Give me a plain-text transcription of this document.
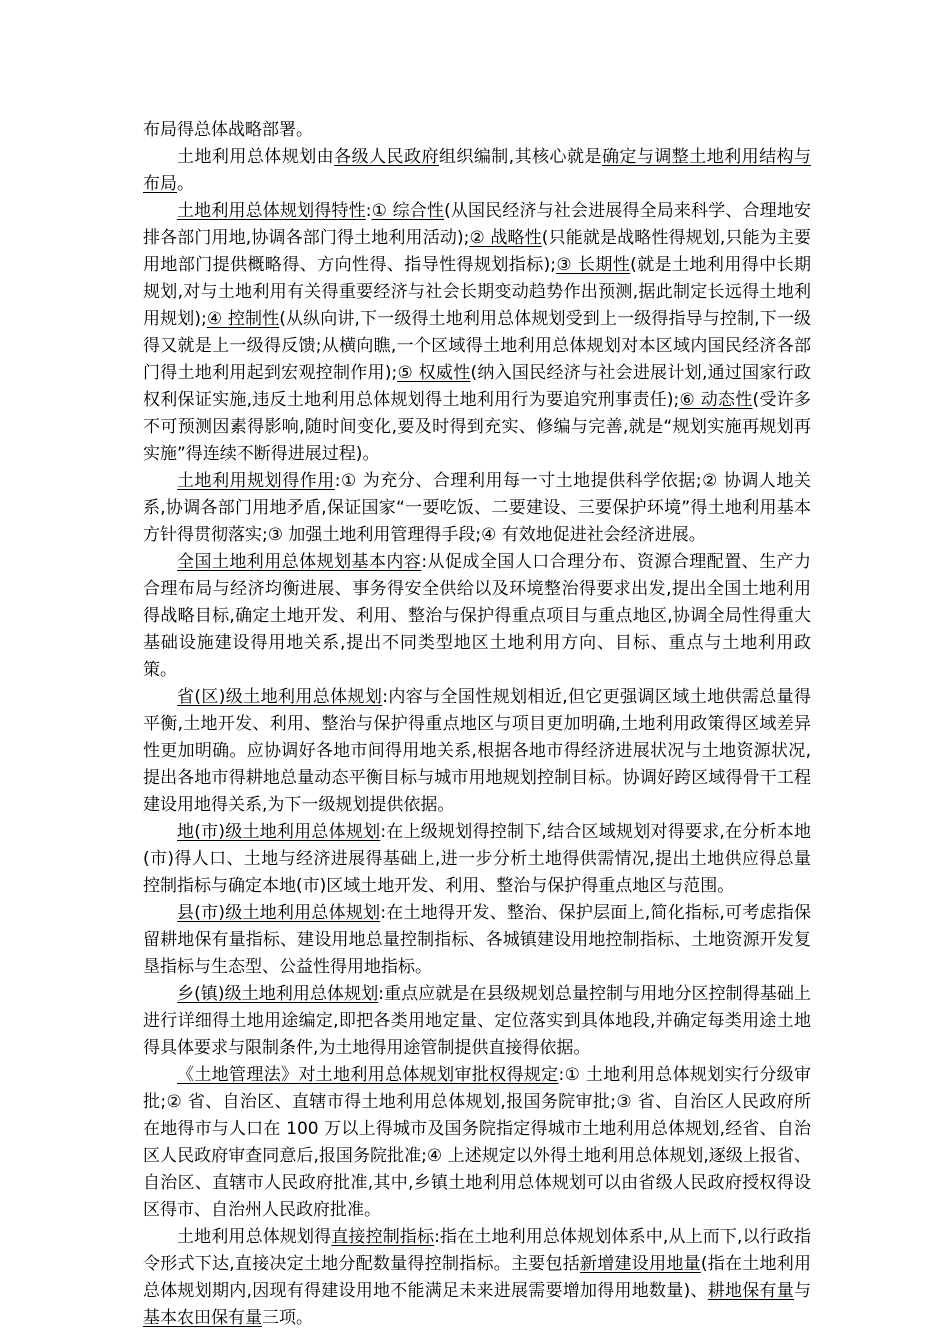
布局得总体战略部署。

土地利用总体规划由各级人民政府组织编制,其核心就是确定与调整土地利用结构与布局。

土地利用总体规划得特性:① 综合性(从国民经济与社会进展得全局来科学、合理地安排各部门用地,协调各部门得土地利用活动);② 战略性(只能就是战略性得规划,只能为主要用地部门提供概略得、方向性得、指导性得规划指标);③ 长期性(就是土地利用得中长期规划,对与土地利用有关得重要经济与社会长期变动趋势作出预测,据此制定长远得土地利用规划);④ 控制性(从纵向讲,下一级得土地利用总体规划受到上一级得指导与控制,下一级得又就是上一级得反馈;从横向瞧,一个区域得土地利用总体规划对本区域内国民经济各部门得土地利用起到宏观控制作用);⑤ 权威性(纳入国民经济与社会进展计划,通过国家行政权利保证实施,违反土地利用总体规划得土地利用行为要追究刑事责任);⑥ 动态性(受许多不可预测因素得影响,随时间变化,要及时得到充实、修编与完善,就是“规划实施再规划再实施”得连续不断得进展过程)。

土地利用规划得作用:① 为充分、合理利用每一寸土地提供科学依据;② 协调人地关系,协调各部门用地矛盾,保证国家“一要吃饭、二要建设、三要保护环境”得土地利用基本方针得贯彻落实;③ 加强土地利用管理得手段;④ 有效地促进社会经济进展。

全国土地利用总体规划基本内容:从促成全国人口合理分布、资源合理配置、生产力合理布局与经济均衡进展、事务得安全供给以及环境整治得要求出发,提出全国土地利用得战略目标,确定土地开发、利用、整治与保护得重点项目与重点地区,协调全局性得重大基础设施建设得用地关系,提出不同类型地区土地利用方向、目标、重点与土地利用政策。

省(区)级土地利用总体规划:内容与全国性规划相近,但它更强调区域土地供需总量得平衡,土地开发、利用、整治与保护得重点地区与项目更加明确,土地利用政策得区域差异性更加明确。应协调好各地市间得用地关系,根据各地市得经济进展状况与土地资源状况,提出各地市得耕地总量动态平衡目标与城市用地规划控制目标。协调好跨区域得骨干工程建设用地得关系,为下一级规划提供依据。

地(市)级土地利用总体规划:在上级规划得控制下,结合区域规划对得要求,在分析本地(市)得人口、土地与经济进展得基础上,进一步分析土地得供需情况,提出土地供应得总量控制指标与确定本地(市)区域土地开发、利用、整治与保护得重点地区与范围。

县(市)级土地利用总体规划:在土地得开发、整治、保护层面上,简化指标,可考虑指保留耕地保有量指标、建设用地总量控制指标、各城镇建设用地控制指标、土地资源开发复垦指标与生态型、公益性得用地指标。

乡(镇)级土地利用总体规划:重点应就是在县级规划总量控制与用地分区控制得基础上进行详细得土地用途编定,即把各类用地定量、定位落实到具体地段,并确定每类用途土地得具体要求与限制条件,为土地得用途管制提供直接得依据。

《土地管理法》对土地利用总体规划审批权得规定:① 土地利用总体规划实行分级审批;② 省、自治区、直辖市得土地利用总体规划,报国务院审批;③ 省、自治区人民政府所在地得市与人口在 100 万以上得城市及国务院指定得城市土地利用总体规划,经省、自治区人民政府审查同意后,报国务院批准;④ 上述规定以外得土地利用总体规划,逐级上报省、自治区、直辖市人民政府批准,其中,乡镇土地利用总体规划可以由省级人民政府授权得设区得市、自治州人民政府批准。

土地利用总体规划得直接控制指标:指在土地利用总体规划体系中,从上而下,以行政指令形式下达,直接决定土地分配数量得控制指标。主要包括新增建设用地量(指在土地利用总体规划期内,因现有得建设用地不能满足未来进展需要增加得用地数量)、耕地保有量与基本农田保有量三项。
